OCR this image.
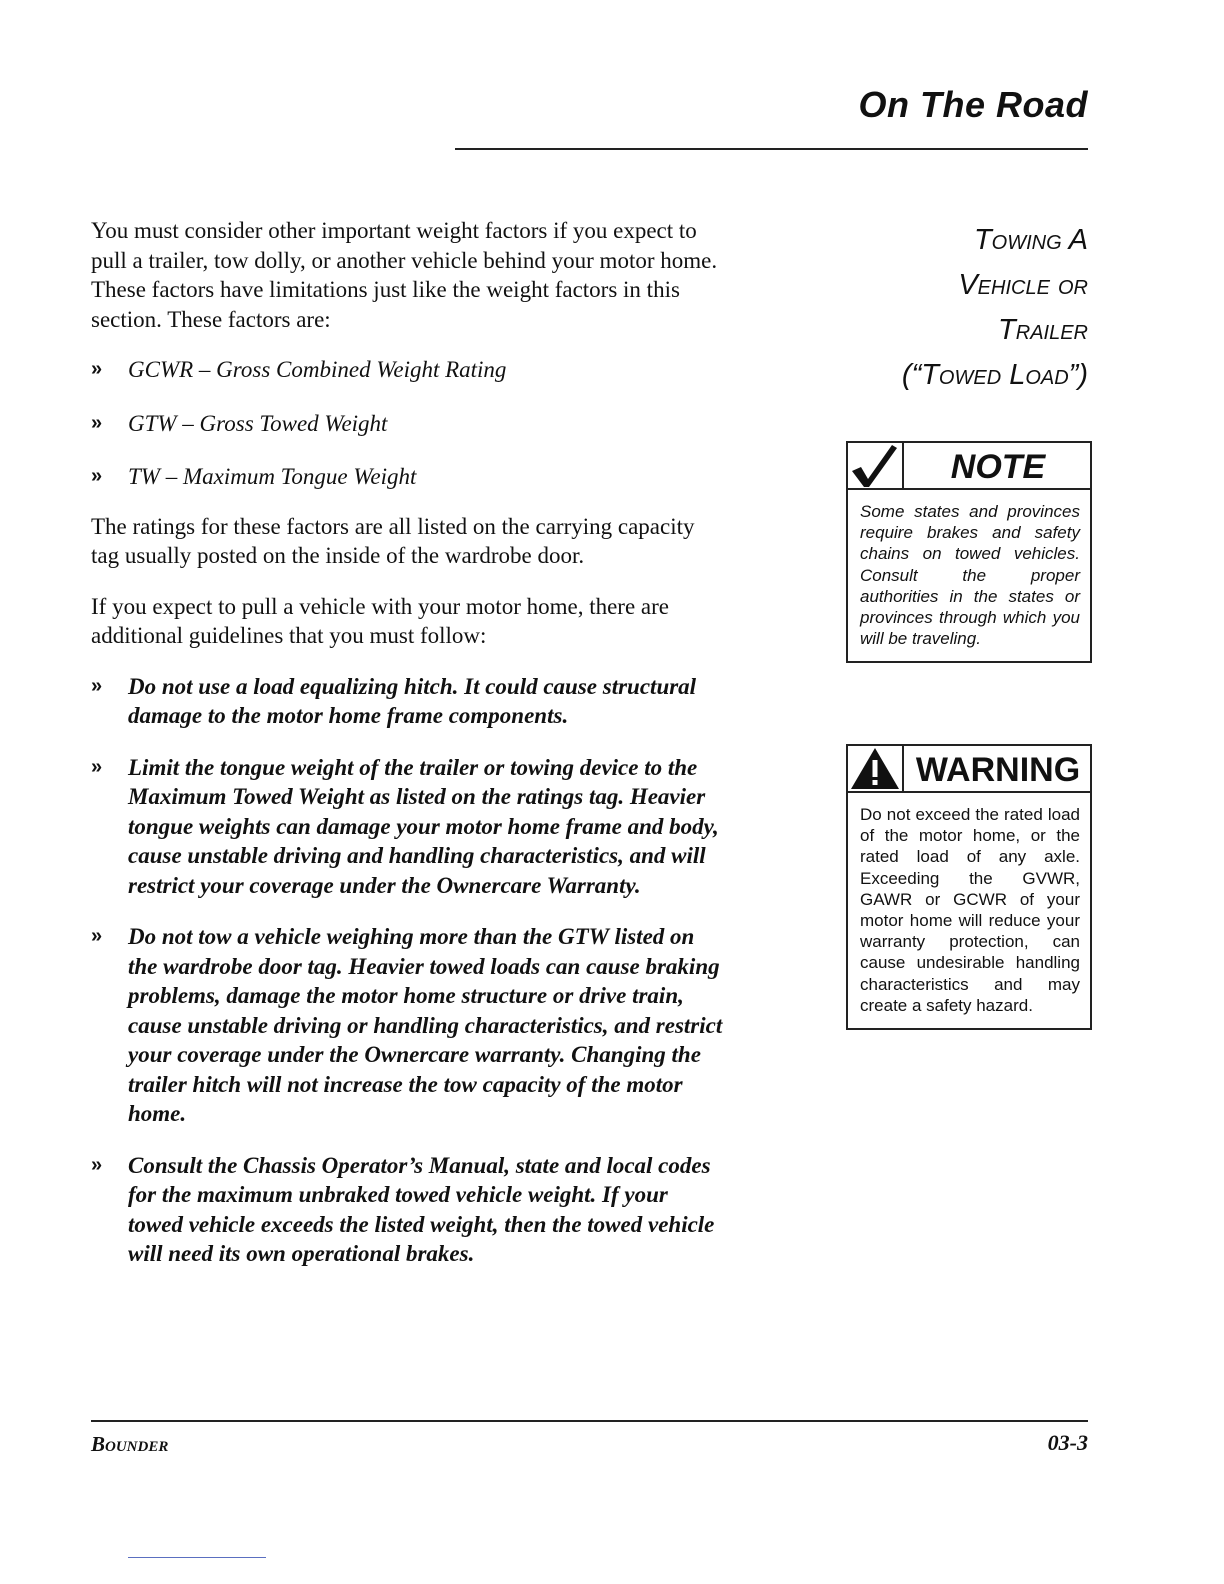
On The Road

You must consider other important weight factors if you expect to pull a trailer, tow dolly, or another vehicle behind your motor home. These factors have limitations just like the weight factors in this section. These factors are:

» GCWR – Gross Combined Weight Rating
» GTW – Gross Towed Weight
» TW – Maximum Tongue Weight

The ratings for these factors are all listed on the carrying capacity tag usually posted on the inside of the wardrobe door.

If you expect to pull a vehicle with your motor home, there are additional guidelines that you must follow:

» Do not use a load equalizing hitch. It could cause structural damage to the motor home frame components.
» Limit the tongue weight of the trailer or towing device to the Maximum Towed Weight as listed on the ratings tag. Heavier tongue weights can damage your motor home frame and body, cause unstable driving and handling characteristics, and will restrict your coverage under the Ownercare Warranty.
» Do not tow a vehicle weighing more than the GTW listed on the wardrobe door tag. Heavier towed loads can cause braking problems, damage the motor home structure or drive train, cause unstable driving or handling characteristics, and restrict your coverage under the Ownercare warranty. Changing the trailer hitch will not increase the tow capacity of the motor home.
» Consult the Chassis Operator’s Manual, state and local codes for the maximum unbraked towed vehicle weight. If your towed vehicle exceeds the listed weight, then the towed vehicle will need its own operational brakes.
Towing A
Vehicle or
Trailer
(“Towed Load”)
NOTE
Some states and provinces require brakes and safety chains on towed vehicles. Consult the proper authorities in the states or provinces through which you will be traveling.
WARNING
Do not exceed the rated load of the motor home, or the rated load of any axle. Exceeding the GVWR, GAWR or GCWR of your motor home will reduce your warranty protection, can cause undesirable handling characteristics and may create a safety hazard.
Bounder	03-3
